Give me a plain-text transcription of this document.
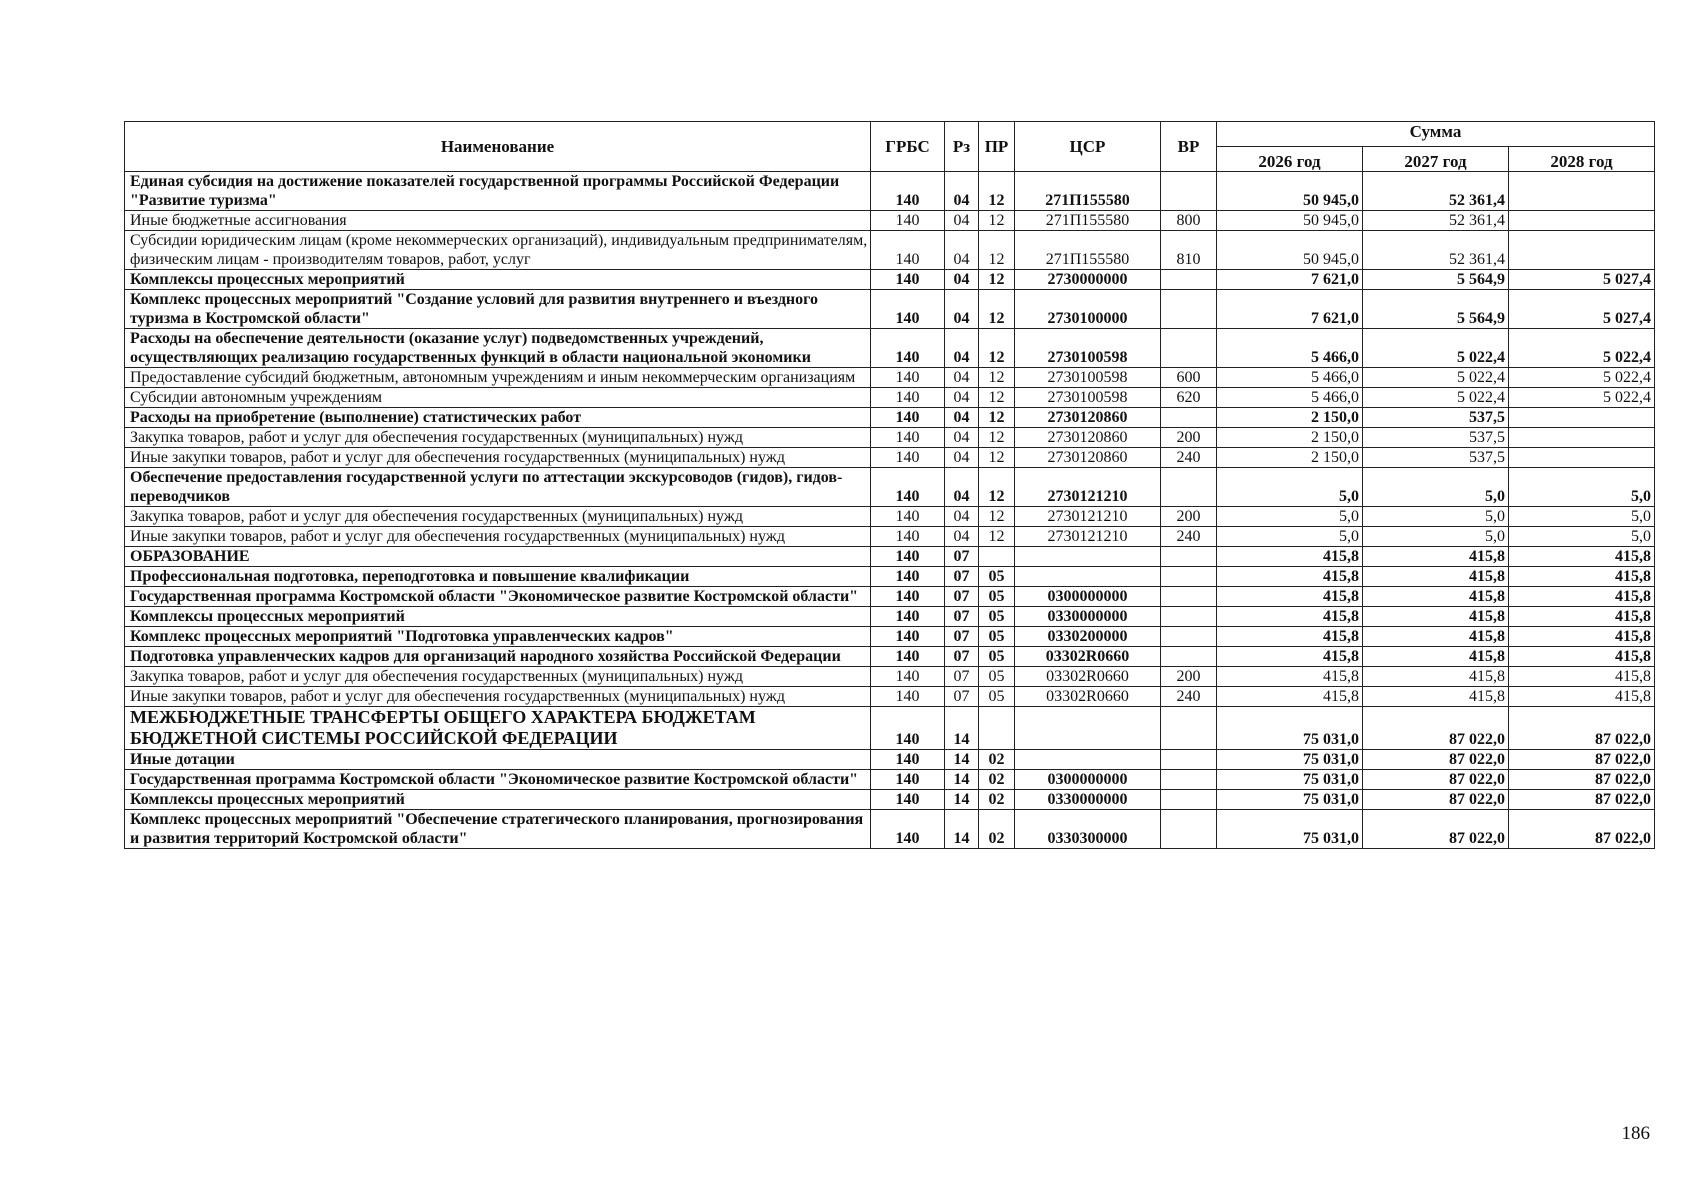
Наименование	ГРБС	Рз	ПР	ЦСР	ВР	Сумма		
						2026 год	2027 год	2028 год
Единая субсидия на достижение показателей государственной программы Российской Федерации "Развитие туризма"	140	04	12	271П155580		50 945,0	52 361,4	
Иные бюджетные ассигнования	140	04	12	271П155580	800	50 945,0	52 361,4	
Субсидии юридическим лицам (кроме некоммерческих организаций), индивидуальным предпринимателям, физическим лицам - производителям товаров, работ, услуг	140	04	12	271П155580	810	50 945,0	52 361,4	
Комплексы процессных мероприятий	140	04	12	2730000000		7 621,0	5 564,9	5 027,4
Комплекс процессных мероприятий "Создание условий для развития внутреннего и въездного туризма в Костромской области"	140	04	12	2730100000		7 621,0	5 564,9	5 027,4
Расходы на обеспечение деятельности (оказание услуг) подведомственных учреждений, осуществляющих реализацию государственных функций в области национальной экономики	140	04	12	2730100598		5 466,0	5 022,4	5 022,4
Предоставление субсидий бюджетным, автономным учреждениям и иным некоммерческим организациям	140	04	12	2730100598	600	5 466,0	5 022,4	5 022,4
Субсидии автономным учреждениям	140	04	12	2730100598	620	5 466,0	5 022,4	5 022,4
Расходы на приобретение (выполнение) статистических работ	140	04	12	2730120860		2 150,0	537,5	
Закупка товаров, работ и услуг для обеспечения государственных (муниципальных) нужд	140	04	12	2730120860	200	2 150,0	537,5	
Иные закупки товаров, работ и услуг для обеспечения государственных (муниципальных) нужд	140	04	12	2730120860	240	2 150,0	537,5	
Обеспечение предоставления государственной услуги по аттестации экскурсоводов (гидов), гидов-переводчиков	140	04	12	2730121210		5,0	5,0	5,0
Закупка товаров, работ и услуг для обеспечения государственных (муниципальных) нужд	140	04	12	2730121210	200	5,0	5,0	5,0
Иные закупки товаров, работ и услуг для обеспечения государственных (муниципальных) нужд	140	04	12	2730121210	240	5,0	5,0	5,0
ОБРАЗОВАНИЕ	140	07				415,8	415,8	415,8
Профессиональная подготовка, переподготовка и повышение квалификации	140	07	05			415,8	415,8	415,8
Государственная программа Костромской области "Экономическое развитие Костромской области"	140	07	05	0300000000		415,8	415,8	415,8
Комплексы процессных мероприятий	140	07	05	0330000000		415,8	415,8	415,8
Комплекс процессных мероприятий "Подготовка управленческих кадров"	140	07	05	0330200000		415,8	415,8	415,8
Подготовка управленческих кадров для организаций народного хозяйства Российской Федерации	140	07	05	03302R0660		415,8	415,8	415,8
Закупка товаров, работ и услуг для обеспечения государственных (муниципальных) нужд	140	07	05	03302R0660	200	415,8	415,8	415,8
Иные закупки товаров, работ и услуг для обеспечения государственных (муниципальных) нужд	140	07	05	03302R0660	240	415,8	415,8	415,8
МЕЖБЮДЖЕТНЫЕ ТРАНСФЕРТЫ ОБЩЕГО ХАРАКТЕРА БЮДЖЕТАМ БЮДЖЕТНОЙ СИСТЕМЫ РОССИЙСКОЙ ФЕДЕРАЦИИ	140	14				75 031,0	87 022,0	87 022,0
Иные дотации	140	14	02			75 031,0	87 022,0	87 022,0
Государственная программа Костромской области "Экономическое развитие Костромской области"	140	14	02	0300000000		75 031,0	87 022,0	87 022,0
Комплексы процессных мероприятий	140	14	02	0330000000		75 031,0	87 022,0	87 022,0
Комплекс процессных мероприятий "Обеспечение стратегического планирования, прогнозирования и развития территорий Костромской области"	140	14	02	0330300000		75 031,0	87 022,0	87 022,0
186
